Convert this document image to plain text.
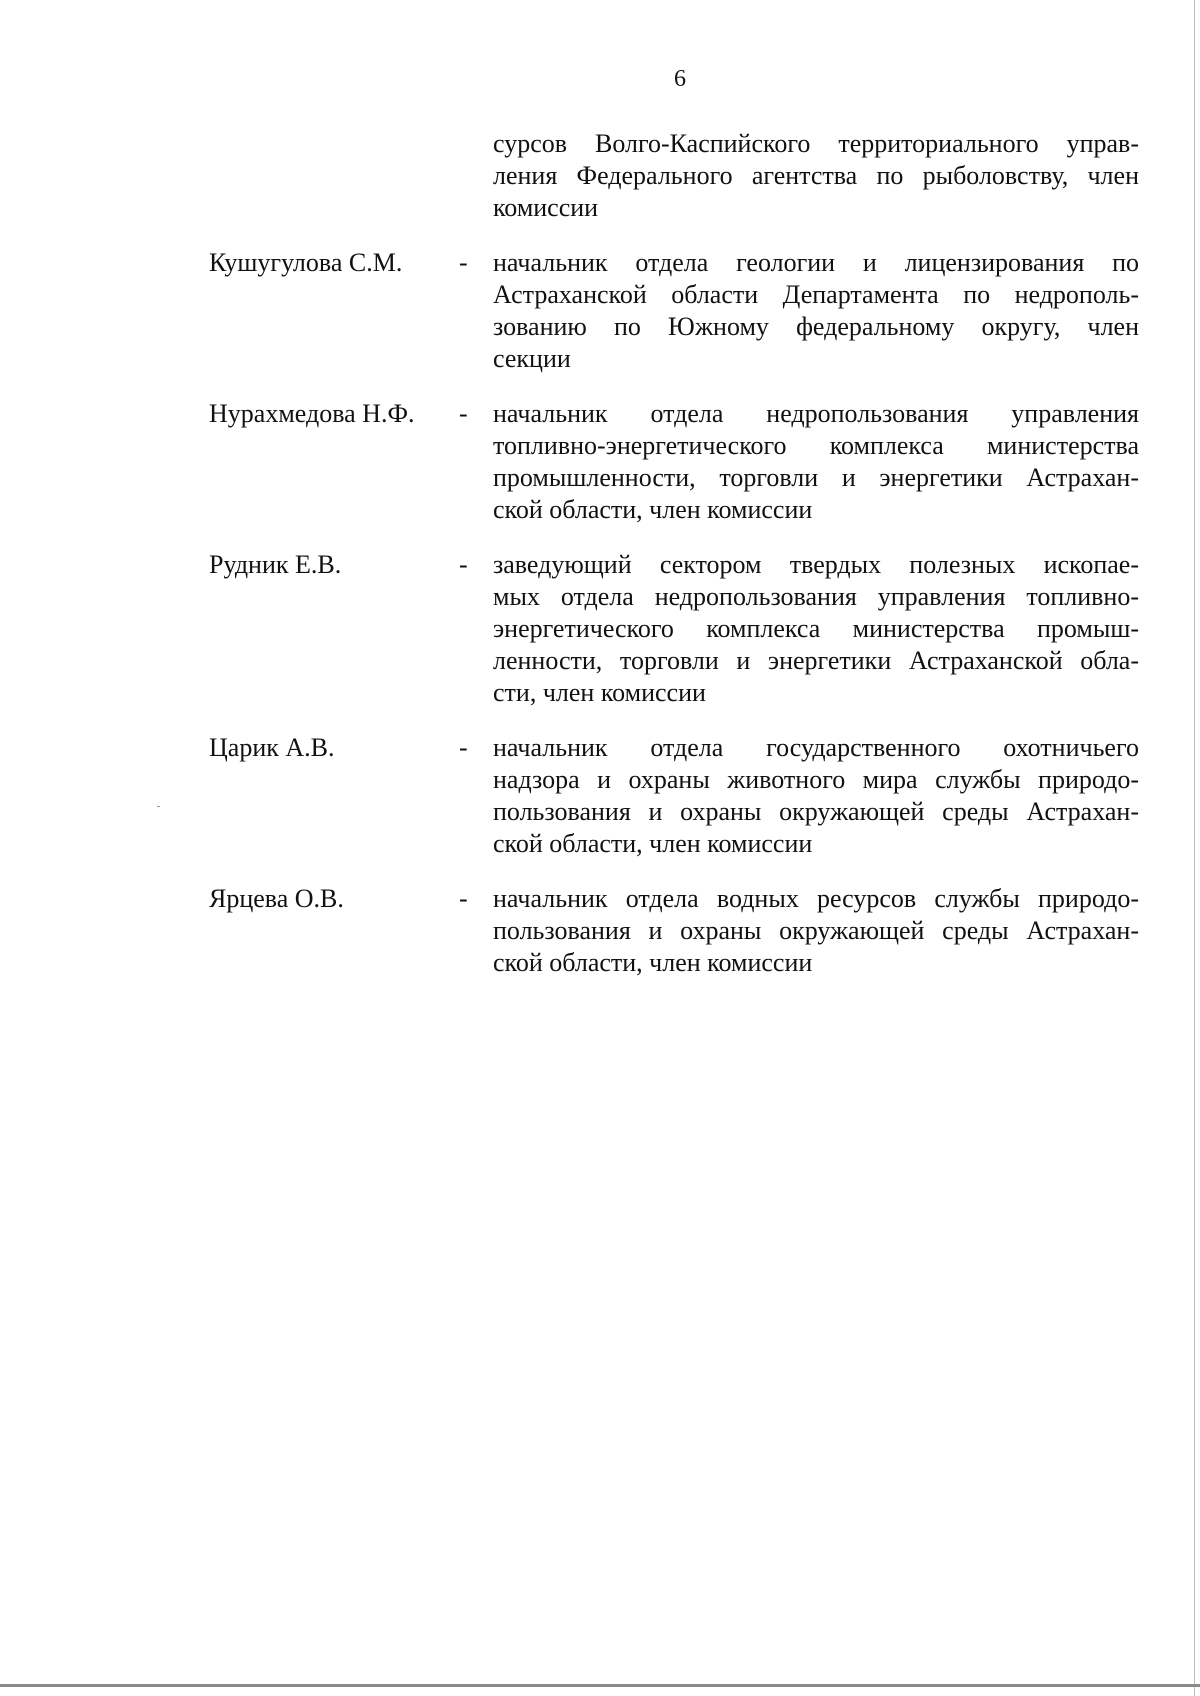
6
сурсов Волго-Каспийского территориального управ-
ления Федерального агентства по рыболовству, член
комиссии
Кушугулова С.М.	- начальник отдела геологии и лицензирования по
Астраханской области Департамента по недрополь-
зованию по Южному федеральному округу, член
секции
Нурахмедова Н.Ф.	- начальник отдела недропользования управления
топливно-энергетического комплекса министерства
промышленности, торговли и энергетики Астрахан-
ской области, член комиссии
Рудник Е.В.	- заведующий сектором твердых полезных ископае-
мых отдела недропользования управления топливно-
энергетического комплекса министерства промыш-
ленности, торговли и энергетики Астраханской обла-
сти, член комиссии
Царик А.В.	- начальник отдела государственного охотничьего
надзора и охраны животного мира службы природо-
пользования и охраны окружающей среды Астрахан-
ской области, член комиссии
Ярцева О.В.	- начальник отдела водных ресурсов службы природо-
пользования и охраны окружающей среды Астрахан-
ской области, член комиссии
